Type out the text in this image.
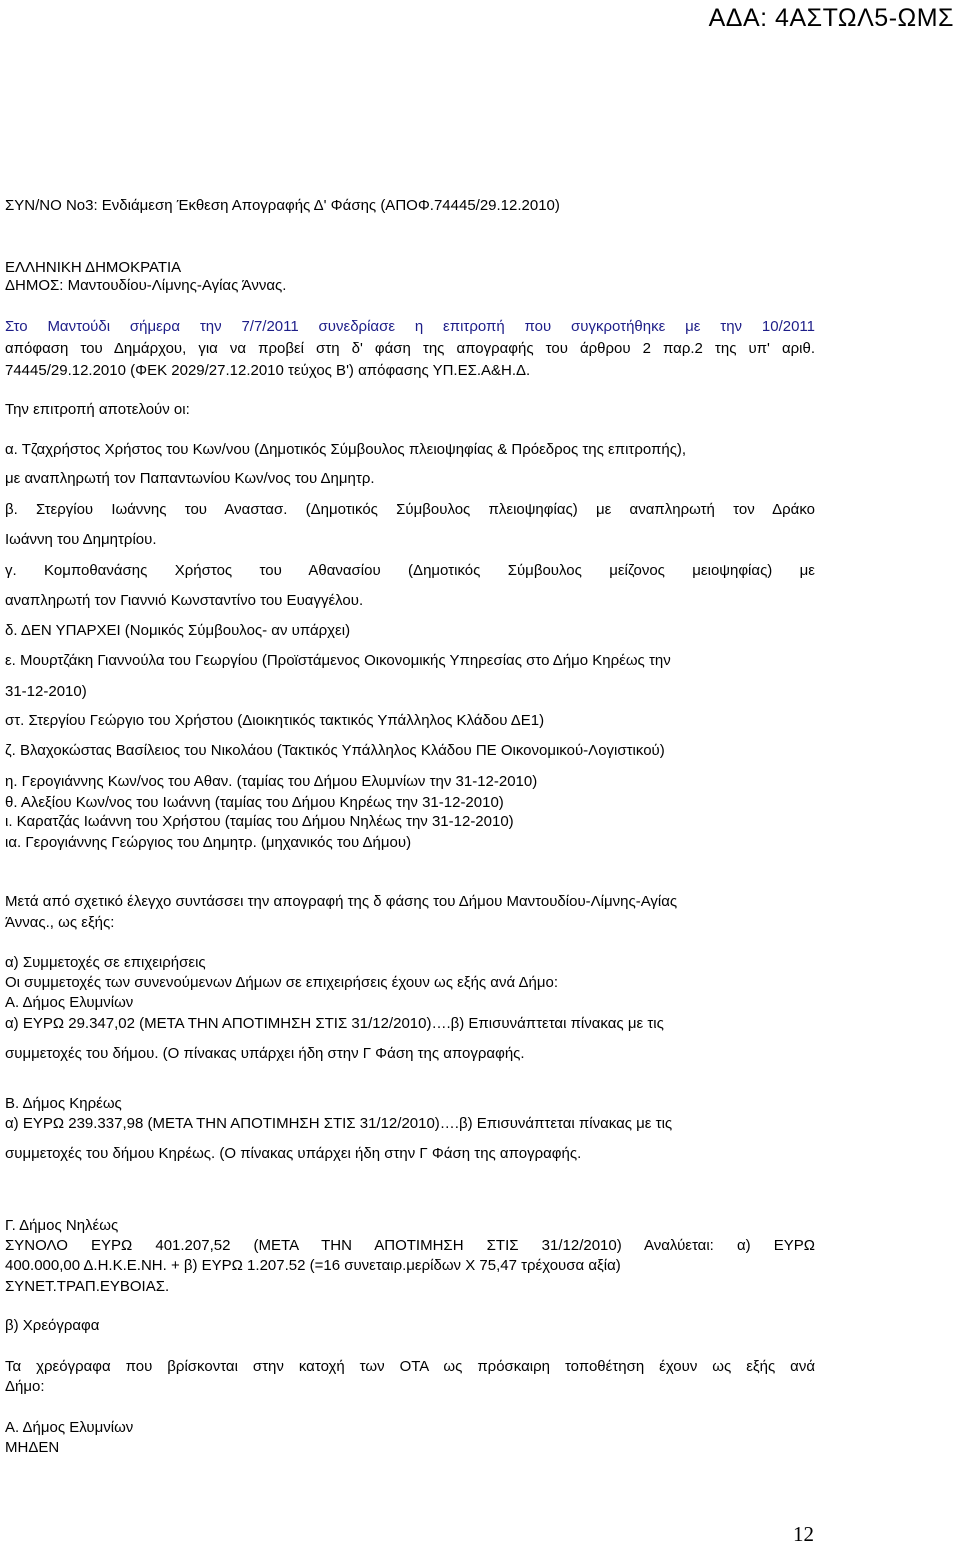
ΑΔΑ: 4ΑΣΤΩΛ5-ΩΜΣ
ΣΥΝ/ΝΟ Νο3: Ενδιάμεση Έκθεση Απογραφής Δ' Φάσης (ΑΠΟΦ.74445/29.12.2010)
ΕΛΛΗΝΙΚΗ ΔΗΜΟΚΡΑΤΙΑ
ΔΗΜΟΣ: Μαντουδίου-Λίμνης-Αγίας Άννας.
Στο Μαντούδι σήμερα την 7/7/2011 συνεδρίασε η επιτροπή που συγκροτήθηκε με την 10/2011
απόφαση του Δημάρχου, για να προβεί στη δ' φάση της απογραφής του άρθρου 2 παρ.2 της υπ' αριθ.
74445/29.12.2010 (ΦΕΚ 2029/27.12.2010 τεύχος Β') απόφασης ΥΠ.ΕΣ.Α&Η.Δ.
Την επιτροπή αποτελούν οι:
α. Τζαχρήστος Χρήστος του Κων/νου (Δημοτικός Σύμβουλος πλειοψηφίας & Πρόεδρος της επιτροπής),
με αναπληρωτή τον Παπαντωνίου Κων/νος του Δημητρ.
β. Στεργίου Ιωάννης του Αναστασ. (Δημοτικός Σύμβουλος πλειοψηφίας) με αναπληρωτή τον Δράκο
Ιωάννη του Δημητρίου.
γ. Κομποθανάσης Χρήστος του Αθανασίου (Δημοτικός Σύμβουλος μείζονος μειοψηφίας) με
αναπληρωτή τον Γιαννιό Κωνσταντίνο του Ευαγγέλου.
δ. ΔΕΝ ΥΠΑΡΧΕΙ (Νομικός Σύμβουλος- αν υπάρχει)
ε. Μουρτζάκη Γιαννούλα του Γεωργίου (Προϊστάμενος Οικονομικής Υπηρεσίας στο Δήμο Κηρέως την
31-12-2010)
στ. Στεργίου Γεώργιο του Χρήστου (Διοικητικός τακτικός Υπάλληλος Κλάδου ΔΕ1)
ζ. Βλαχοκώστας Βασίλειος του Νικολάου (Τακτικός Υπάλληλος Κλάδου ΠΕ Οικονομικού-Λογιστικού)
η. Γερογιάννης Κων/νος του Αθαν. (ταμίας του Δήμου Ελυμνίων την 31-12-2010)
θ. Αλεξίου Κων/νος του Ιωάννη (ταμίας του Δήμου Κηρέως την 31-12-2010)
ι. Καρατζάς Ιωάννη του Χρήστου (ταμίας του Δήμου Νηλέως την 31-12-2010)
ια. Γερογιάννης Γεώργιος του Δημητρ. (μηχανικός του Δήμου)
Μετά από σχετικό έλεγχο συντάσσει την απογραφή της δ φάσης του Δήμου Μαντουδίου-Λίμνης-Αγίας
Άννας., ως εξής:
α) Συμμετοχές σε επιχειρήσεις
Οι συμμετοχές των συνενούμενων Δήμων σε επιχειρήσεις έχουν ως εξής ανά Δήμο:
Α. Δήμος Ελυμνίων
α) ΕΥΡΩ 29.347,02 (ΜΕΤΑ ΤΗΝ ΑΠΟΤΙΜΗΣΗ ΣΤΙΣ 31/12/2010)….β) Επισυνάπτεται πίνακας με τις
συμμετοχές του δήμου. (Ο πίνακας υπάρχει ήδη στην Γ Φάση της απογραφής.
Β. Δήμος Κηρέως
α) ΕΥΡΩ 239.337,98 (ΜΕΤΑ ΤΗΝ ΑΠΟΤΙΜΗΣΗ ΣΤΙΣ 31/12/2010)….β) Επισυνάπτεται πίνακας με τις
συμμετοχές του δήμου Κηρέως. (Ο πίνακας υπάρχει ήδη στην Γ Φάση της απογραφής.
Γ. Δήμος Νηλέως
ΣΥΝΟΛΟ ΕΥΡΩ 401.207,52 (ΜΕΤΑ ΤΗΝ ΑΠΟΤΙΜΗΣΗ ΣΤΙΣ 31/12/2010) Αναλύεται: α) ΕΥΡΩ
400.000,00 Δ.Η.Κ.Ε.ΝΗ. + β) ΕΥΡΩ 1.207.52 (=16 συνεταιρ.μερίδων Χ 75,47 τρέχουσα αξία)
ΣΥΝΕΤ.ΤΡΑΠ.ΕΥΒΟΙΑΣ.
β) Χρεόγραφα
Τα χρεόγραφα που βρίσκονται στην κατοχή των ΟΤΑ ως πρόσκαιρη τοποθέτηση έχουν ως εξής ανά
Δήμο:
Α. Δήμος Ελυμνίων
ΜΗΔΕΝ
12
